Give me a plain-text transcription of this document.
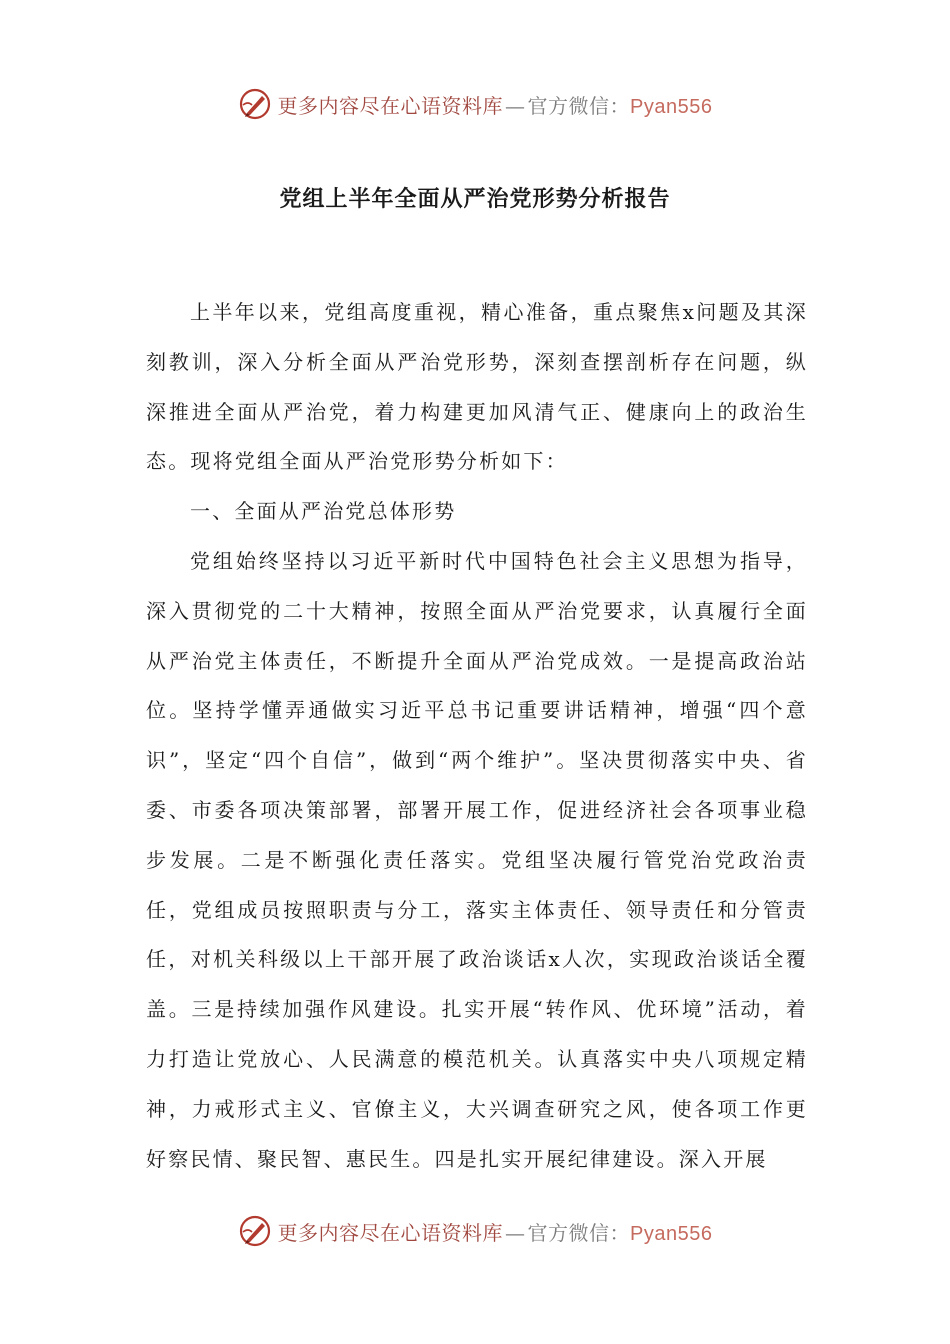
更多内容尽在心语资料库 — 官方微信：Pyan556
党组上半年全面从严治党形势分析报告

上半年以来，党组高度重视，精心准备，重点聚焦x问题及其深刻教训，深入分析全面从严治党形势，深刻查摆剖析存在问题，纵深推进全面从严治党，着力构建更加风清气正、健康向上的政治生态。现将党组全面从严治党形势分析如下：

一、全面从严治党总体形势

党组始终坚持以习近平新时代中国特色社会主义思想为指导，深入贯彻党的二十大精神，按照全面从严治党要求，认真履行全面从严治党主体责任，不断提升全面从严治党成效。一是提高政治站位。坚持学懂弄通做实习近平总书记重要讲话精神，增强“四个意识”，坚定“四个自信”，做到“两个维护”。坚决贯彻落实中央、省委、市委各项决策部署，部署开展工作，促进经济社会各项事业稳步发展。二是不断强化责任落实。党组坚决履行管党治党政治责任，党组成员按照职责与分工，落实主体责任、领导责任和分管责任，对机关科级以上干部开展了政治谈话x人次，实现政治谈话全覆盖。三是持续加强作风建设。扎实开展“转作风、优环境”活动，着力打造让党放心、人民满意的模范机关。认真落实中央八项规定精神，力戒形式主义、官僚主义，大兴调查研究之风，使各项工作更好察民情、聚民智、惠民生。四是扎实开展纪律建设。深入开展

更多内容尽在心语资料库 — 官方微信：Pyan556
